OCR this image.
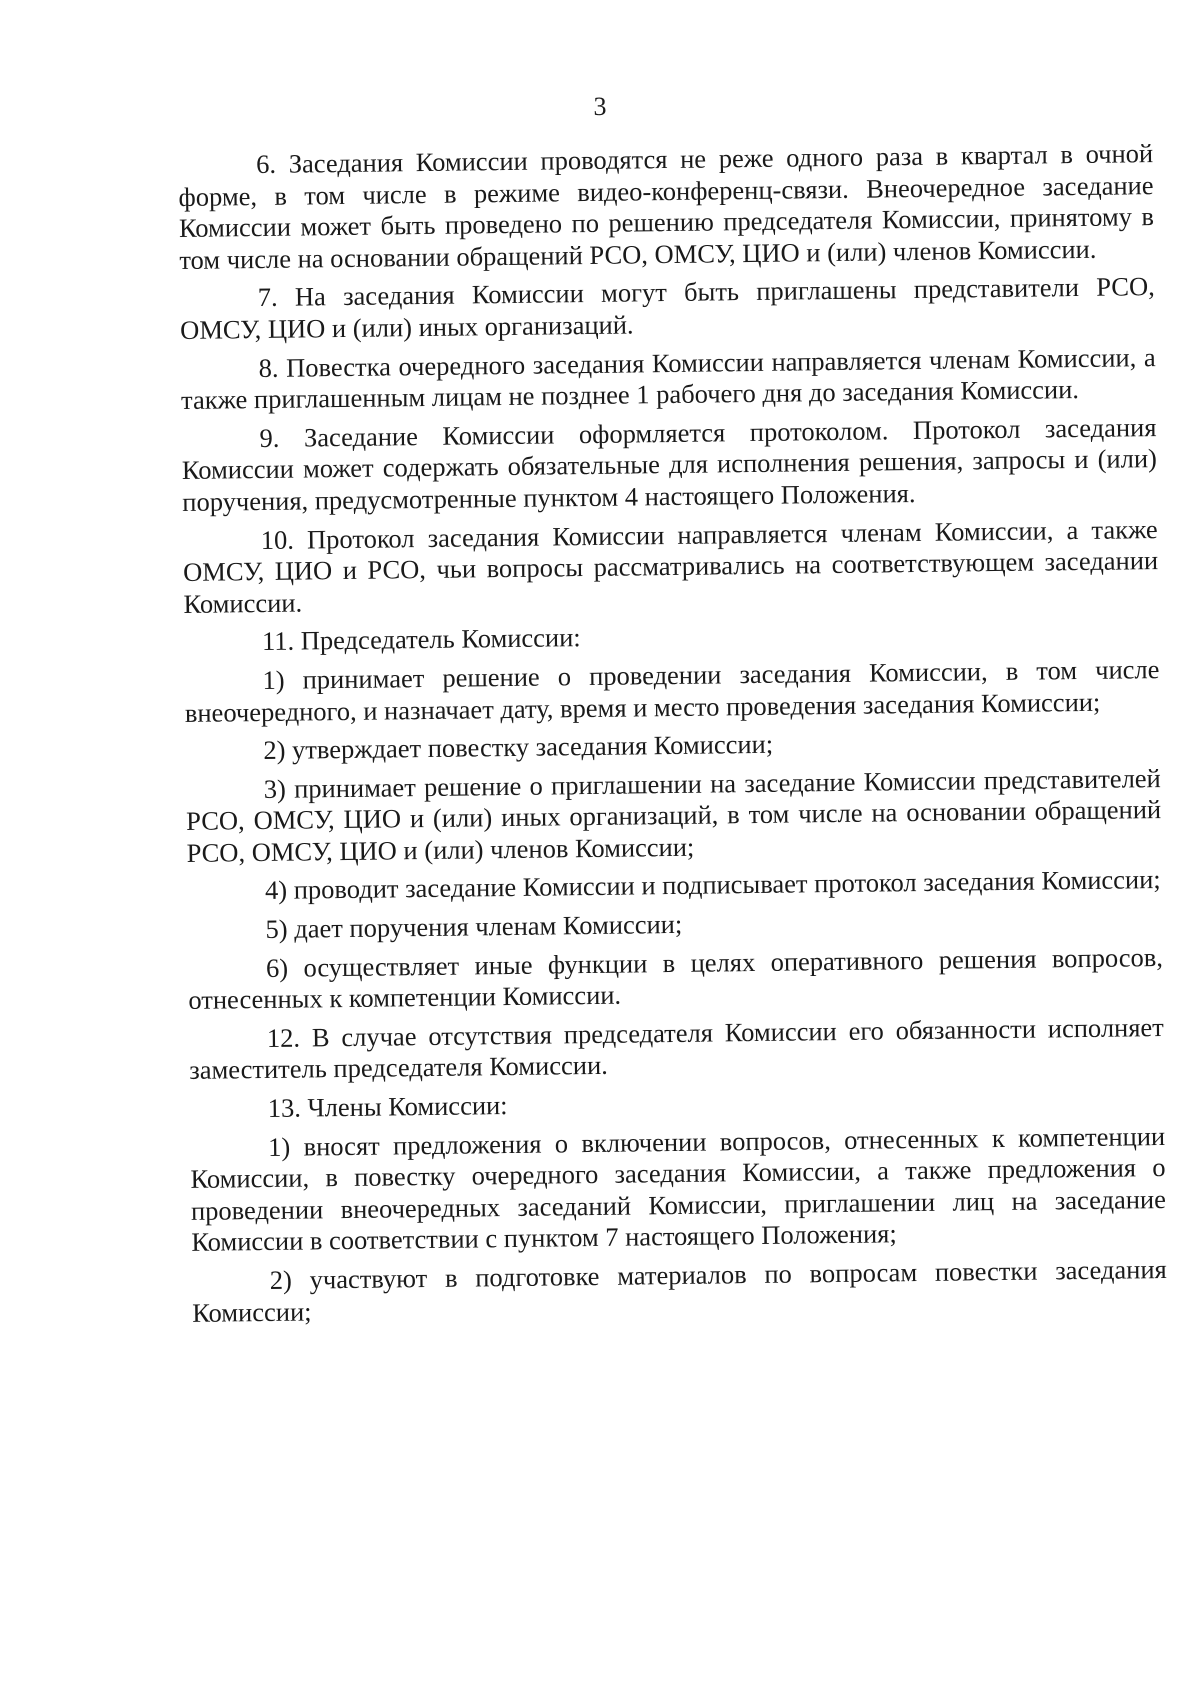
3

6. Заседания Комиссии проводятся не реже одного раза в квартал в очной форме, в том числе в режиме видео-конференц-связи. Внеочередное заседание Комиссии может быть проведено по решению председателя Комиссии, принятому в том числе на основании обращений РСО, ОМСУ, ЦИО и (или) членов Комиссии.

7. На заседания Комиссии могут быть приглашены представители РСО, ОМСУ, ЦИО и (или) иных организаций.

8. Повестка очередного заседания Комиссии направляется членам Комиссии, а также приглашенным лицам не позднее 1 рабочего дня до заседания Комиссии.

9. Заседание Комиссии оформляется протоколом. Протокол заседания Комиссии может содержать обязательные для исполнения решения, запросы и (или) поручения, предусмотренные пунктом 4 настоящего Положения.

10. Протокол заседания Комиссии направляется членам Комиссии, а также ОМСУ, ЦИО и РСО, чьи вопросы рассматривались на соответствующем заседании Комиссии.

11. Председатель Комиссии:

1) принимает решение о проведении заседания Комиссии, в том числе внеочередного, и назначает дату, время и место проведения заседания Комиссии;

2) утверждает повестку заседания Комиссии;

3) принимает решение о приглашении на заседание Комиссии представителей РСО, ОМСУ, ЦИО и (или) иных организаций, в том числе на основании обращений РСО, ОМСУ, ЦИО и (или) членов Комиссии;

4) проводит заседание Комиссии и подписывает протокол заседания Комиссии;

5) дает поручения членам Комиссии;

6) осуществляет иные функции в целях оперативного решения вопросов, отнесенных к компетенции Комиссии.

12. В случае отсутствия председателя Комиссии его обязанности исполняет заместитель председателя Комиссии.

13. Члены Комиссии:

1) вносят предложения о включении вопросов, отнесенных к компетенции Комиссии, в повестку очередного заседания Комиссии, а также предложения о проведении внеочередных заседаний Комиссии, приглашении лиц на заседание Комиссии в соответствии с пунктом 7 настоящего Положения;

2) участвуют в подготовке материалов по вопросам повестки заседания Комиссии;
